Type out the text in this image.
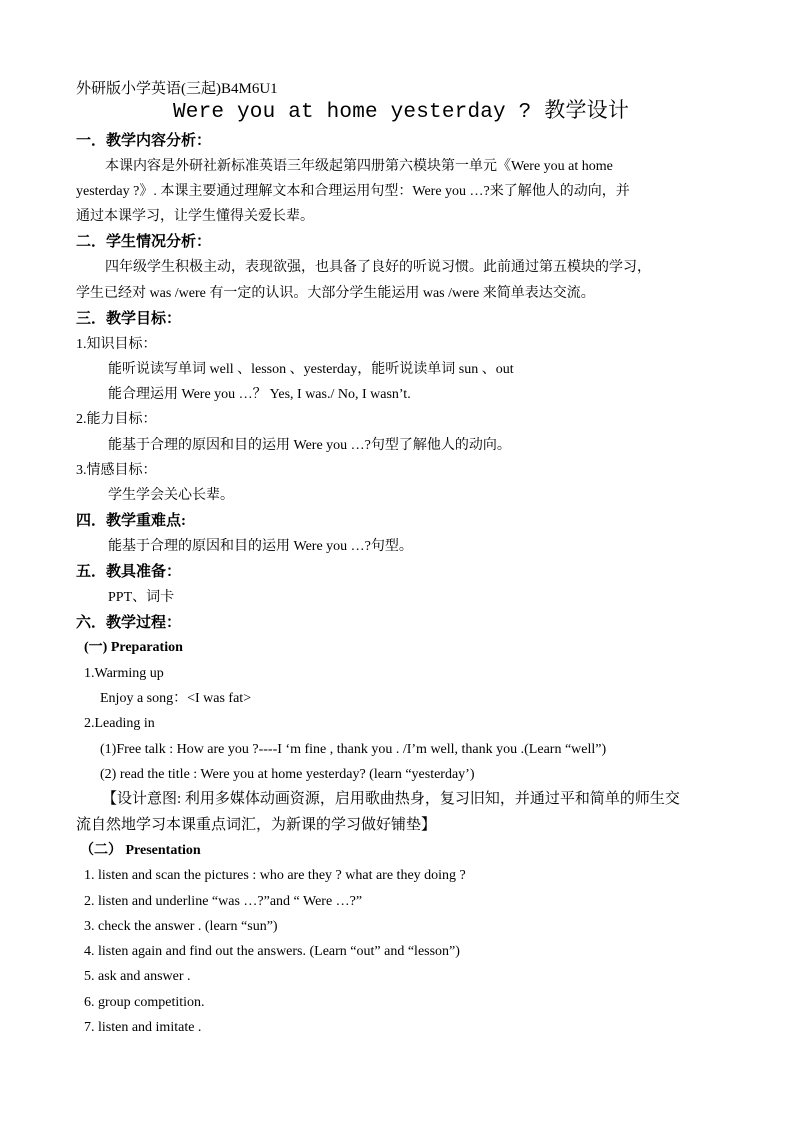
外研版小学英语(三起)B4M6U1
Were you at home yesterday ? 教学设计
一．教学内容分析：
本课内容是外研社新标准英语三年级起第四册第六模块第一单元《Were you at home
yesterday ?》. 本课主要通过理解文本和合理运用句型：Were you …?来了解他人的动向，并
通过本课学习，让学生懂得关爱长辈。
二．学生情况分析：
四年级学生积极主动，表现欲强，也具备了良好的听说习惯。此前通过第五模块的学习，
学生已经对 was /were 有一定的认识。大部分学生能运用 was /were 来简单表达交流。
三．教学目标：
1.知识目标：
能听说读写单词 well 、lesson 、yesterday，能听说读单词 sun 、out
能合理运用 Were you …？ Yes, I was./ No, I wasn’t.
2.能力目标：
能基于合理的原因和目的运用 Were you …?句型了解他人的动向。
3.情感目标：
学生学会关心长辈。
四．教学重难点:
能基于合理的原因和目的运用 Were you …?句型。
五．教具准备：
PPT、词卡
六．教学过程：
(一) Preparation
1.Warming up
Enjoy a song：<I was fat>
2.Leading in
(1)Free talk : How are you ?----I ‘m fine , thank you . /I’m well, thank you .(Learn “well”)
(2) read the title : Were you at home yesterday? (learn “yesterday’)
【设计意图: 利用多媒体动画资源，启用歌曲热身，复习旧知，并通过平和简单的师生交
流自然地学习本课重点词汇，为新课的学习做好铺垫】
（二） Presentation
1. listen and scan the pictures : who are they ? what are they doing ?
2. listen and underline “was …?”and “ Were …?”
3. check the answer . (learn “sun”)
4. listen again and find out the answers. (Learn “out” and “lesson”)
5. ask and answer .
6. group competition.
7. listen and imitate .
